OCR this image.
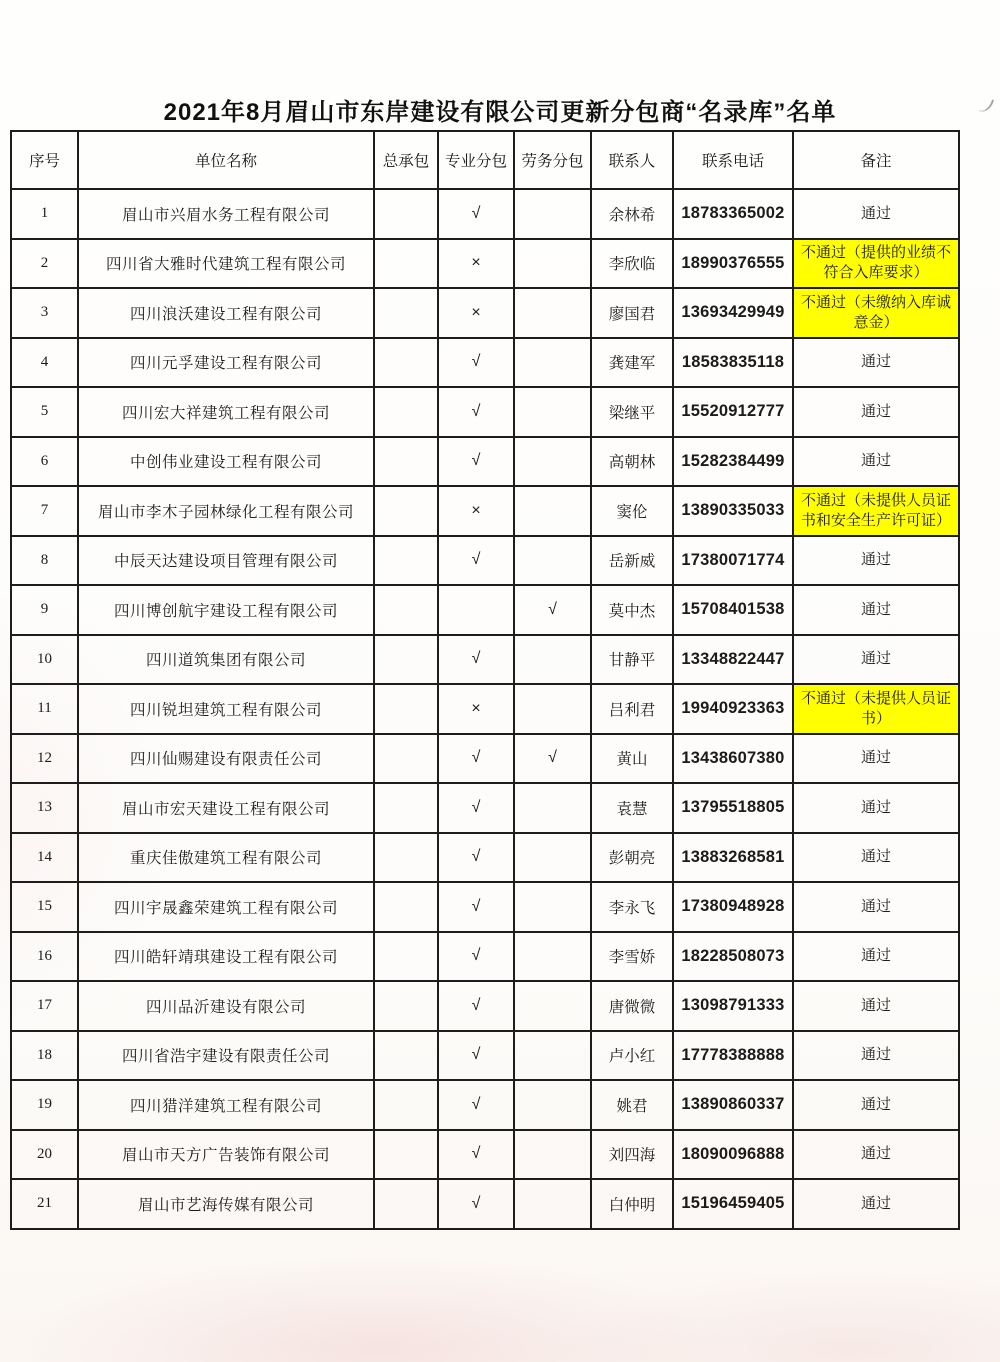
2021年8月眉山市东岸建设有限公司更新分包商“名录库”名单
序号	单位名称	总承包	专业分包	劳务分包	联系人	联系电话	备注
1	眉山市兴眉水务工程有限公司		√		余林希	18783365002	通过
2	四川省大雅时代建筑工程有限公司		×		李欣临	18990376555	不通过（提供的业绩不符合入库要求）
3	四川浪沃建设工程有限公司		×		廖国君	13693429949	不通过（未缴纳入库诚意金）
4	四川元孚建设工程有限公司		√		龚建军	18583835118	通过
5	四川宏大祥建筑工程有限公司		√		梁继平	15520912777	通过
6	中创伟业建设工程有限公司		√		高朝林	15282384499	通过
7	眉山市李木子园林绿化工程有限公司		×		窦伦	13890335033	不通过（未提供人员证书和安全生产许可证）
8	中辰天达建设项目管理有限公司		√		岳新威	17380071774	通过
9	四川博创航宇建设工程有限公司			√	莫中杰	15708401538	通过
10	四川道筑集团有限公司		√		甘静平	13348822447	通过
11	四川锐坦建筑工程有限公司		×		吕利君	19940923363	不通过（未提供人员证书）
12	四川仙赐建设有限责任公司		√	√	黄山	13438607380	通过
13	眉山市宏天建设工程有限公司		√		袁慧	13795518805	通过
14	重庆佳傲建筑工程有限公司		√		彭朝亮	13883268581	通过
15	四川宇晟鑫荣建筑工程有限公司		√		李永飞	17380948928	通过
16	四川皓轩靖琪建设工程有限公司		√		李雪娇	18228508073	通过
17	四川品沂建设有限公司		√		唐微微	13098791333	通过
18	四川省浩宇建设有限责任公司		√		卢小红	17778388888	通过
19	四川猎洋建筑工程有限公司		√		姚君	13890860337	通过
20	眉山市天方广告装饰有限公司		√		刘四海	18090096888	通过
21	眉山市艺海传媒有限公司		√		白仲明	15196459405	通过
